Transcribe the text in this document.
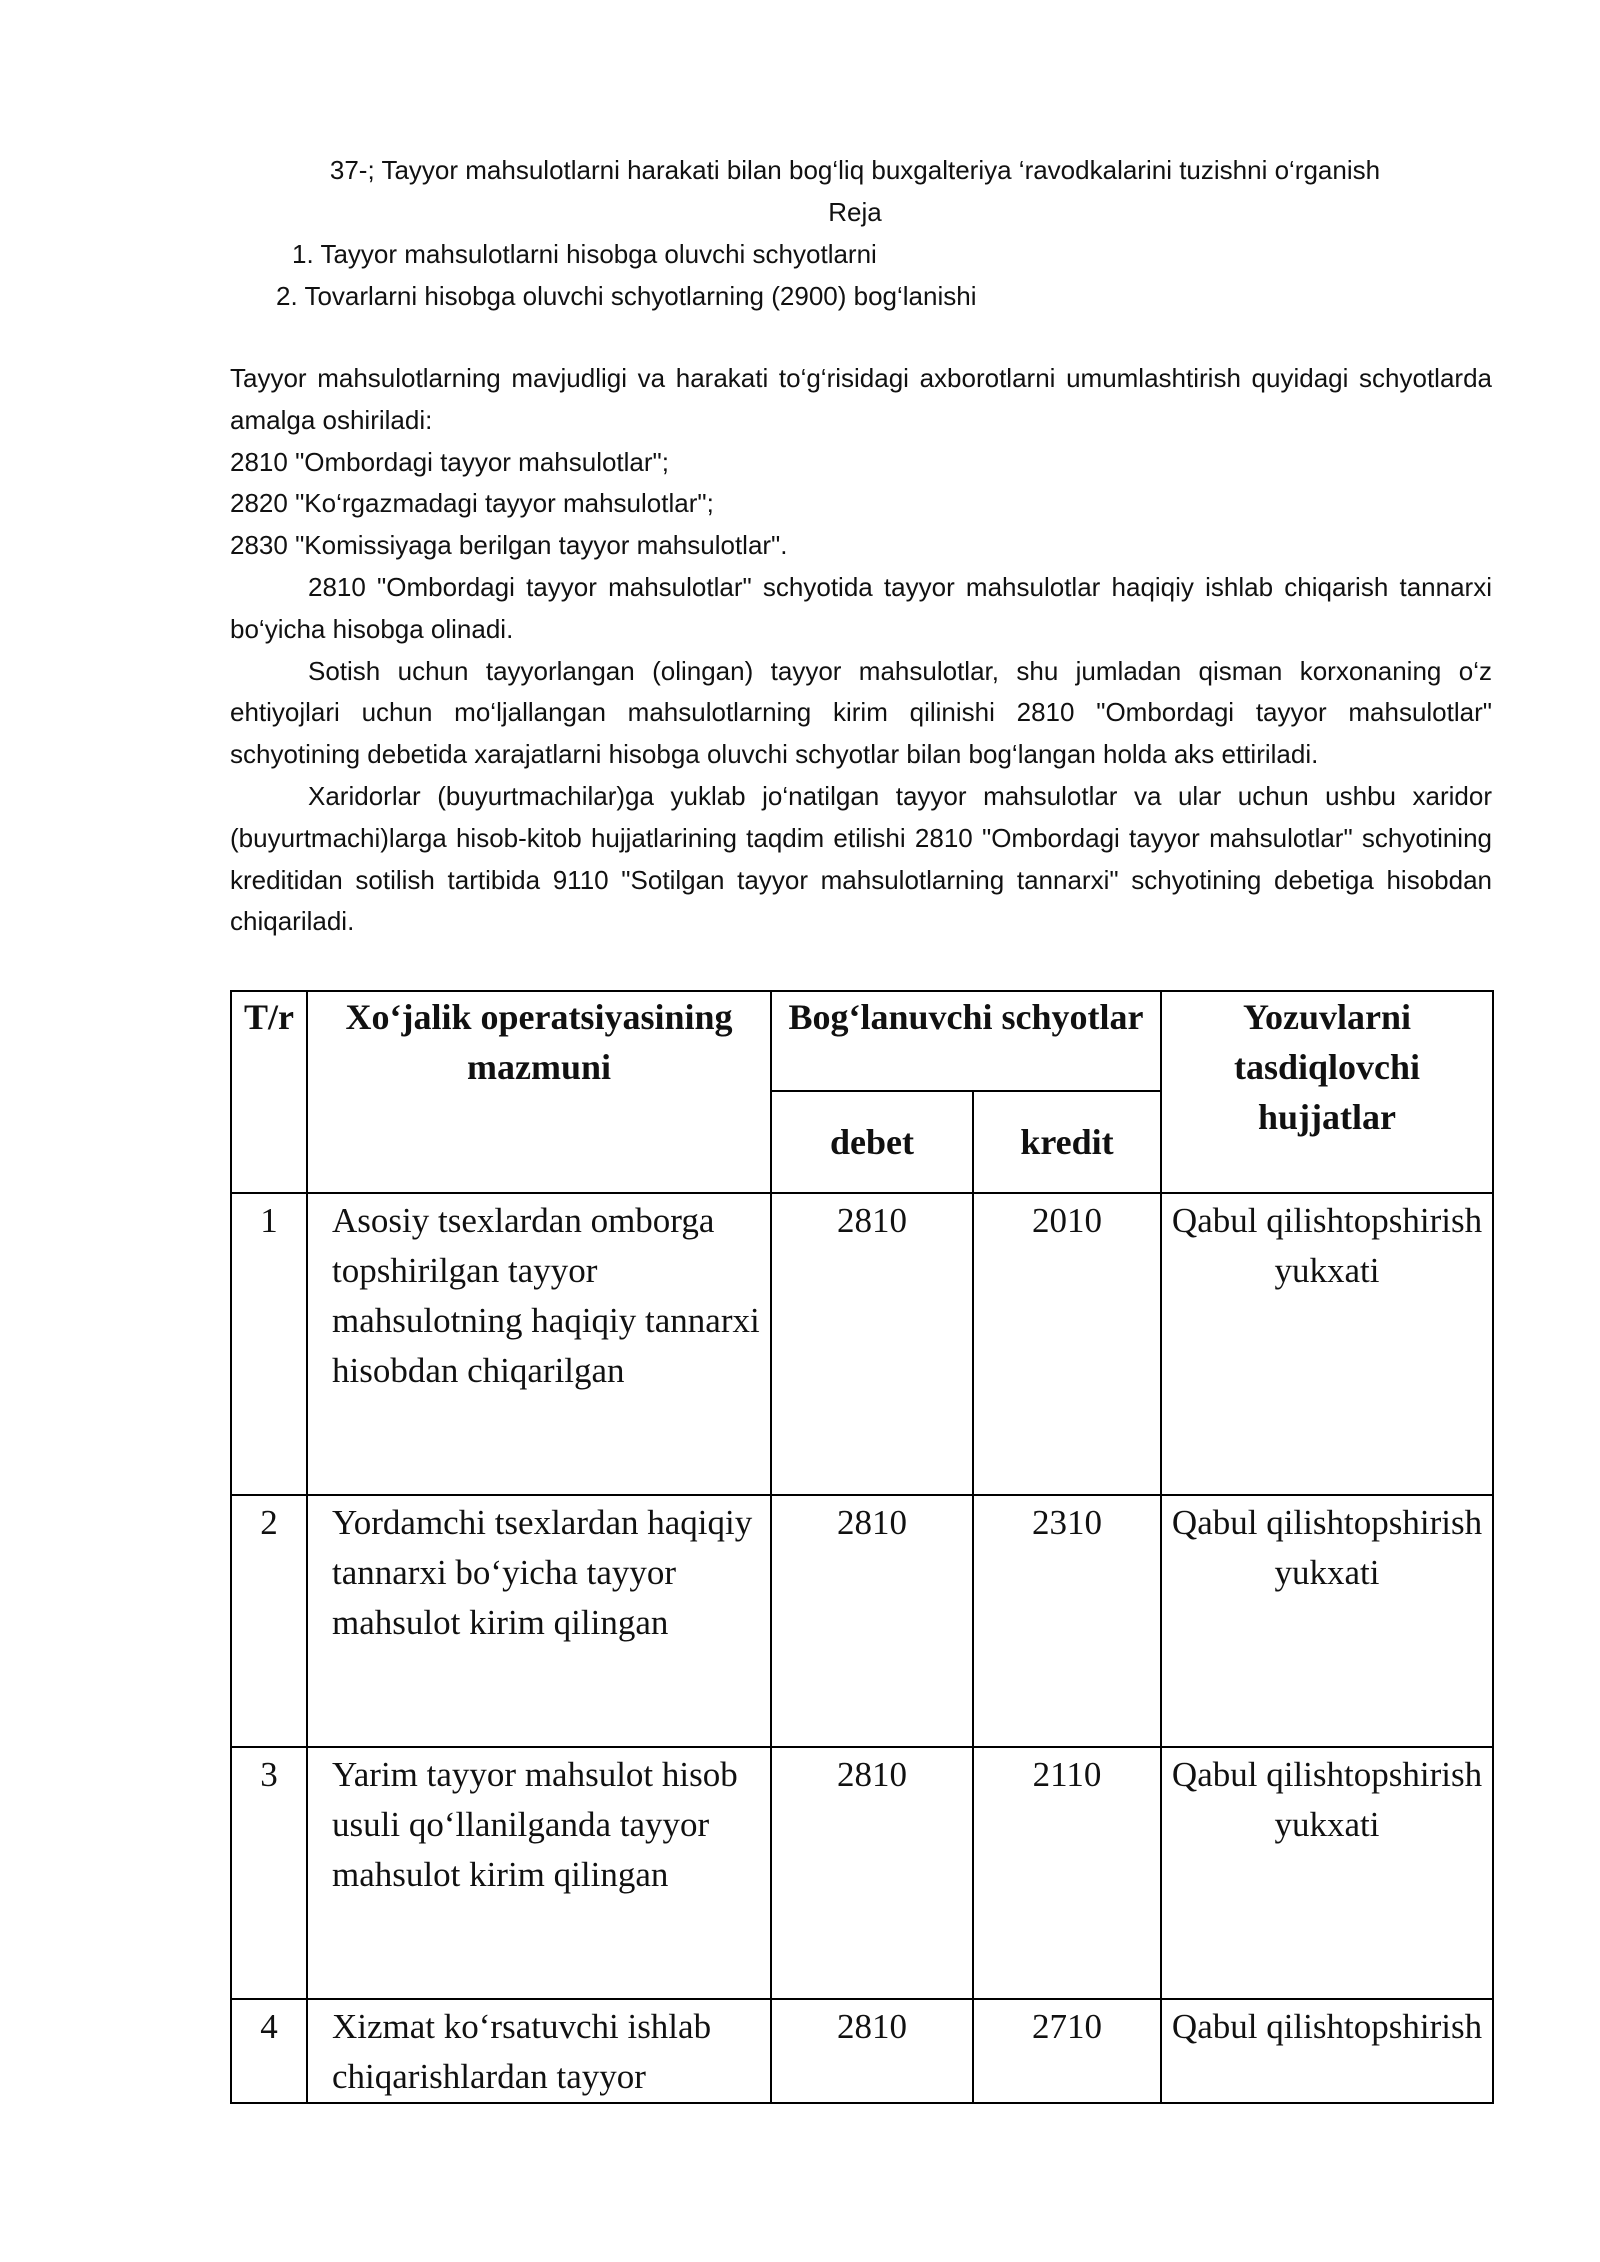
37-; Tayyor mahsulotlarni harakati bilan bog‘liq buxgalteriya ‘ravodkalarini tuzishni o‘rganish
Reja
1. Tayyor mahsulotlarni hisobga oluvchi schyotlarni
2. Tovarlarni hisobga oluvchi schyotlarning (2900) bog‘lanishi

Tayyor mahsulotlarning mavjudligi va harakati to‘g‘risidagi axborotlarni umumlashtirish quyidagi schyotlarda amalga oshiriladi:

2810 "Ombordagi tayyor mahsulotlar";

2820 "Ko‘rgazmadagi tayyor mahsulotlar";

2830 "Komissiyaga berilgan tayyor mahsulotlar".

2810 "Ombordagi tayyor mahsulotlar" schyotida tayyor mahsulotlar haqiqiy ishlab chiqarish tannarxi bo‘yicha hisobga olinadi.

Sotish uchun tayyorlangan (olingan) tayyor mahsulotlar, shu jumladan qisman korxonaning o‘z ehtiyojlari uchun mo‘ljallangan mahsulotlarning kirim qilinishi 2810 "Ombordagi tayyor mahsulotlar" schyotining debetida xarajatlarni hisobga oluvchi schyotlar bilan bog‘langan holda aks ettiriladi.

Xaridorlar (buyurtmachilar)ga yuklab jo‘natilgan tayyor mahsulotlar va ular uchun ushbu xaridor (buyurtmachi)larga hisob-kitob hujjatlarining taqdim etilishi 2810 "Ombordagi tayyor mahsulotlar" schyotining kreditidan sotilish tartibida 9110 "Sotilgan tayyor mahsulotlarning tannarxi" schyotining debetiga hisobdan chiqariladi.

T/r	Xo‘jalik operatsiyasining mazmuni	Bog‘lanuvchi schyotlar		Yozuvlarni tasdiqlovchi hujjatlar
		debet	kredit	
1	Asosiy tsexlardan omborga topshirilgan tayyor mahsulotning haqiqiy tannarxi hisobdan chiqarilgan	2810	2010	Qabul qilishtopshirish yukxati
2	Yordamchi tsexlardan haqiqiy tannarxi bo‘yicha tayyor mahsulot kirim qilingan	2810	2310	Qabul qilishtopshirish yukxati
3	Yarim tayyor mahsulot hisob usuli qo‘llanilganda tayyor mahsulot kirim qilingan	2810	2110	Qabul qilishtopshirish yukxati
4	Xizmat ko‘rsatuvchi ishlab chiqarishlardan tayyor	2810	2710	Qabul qilishtopshirish
